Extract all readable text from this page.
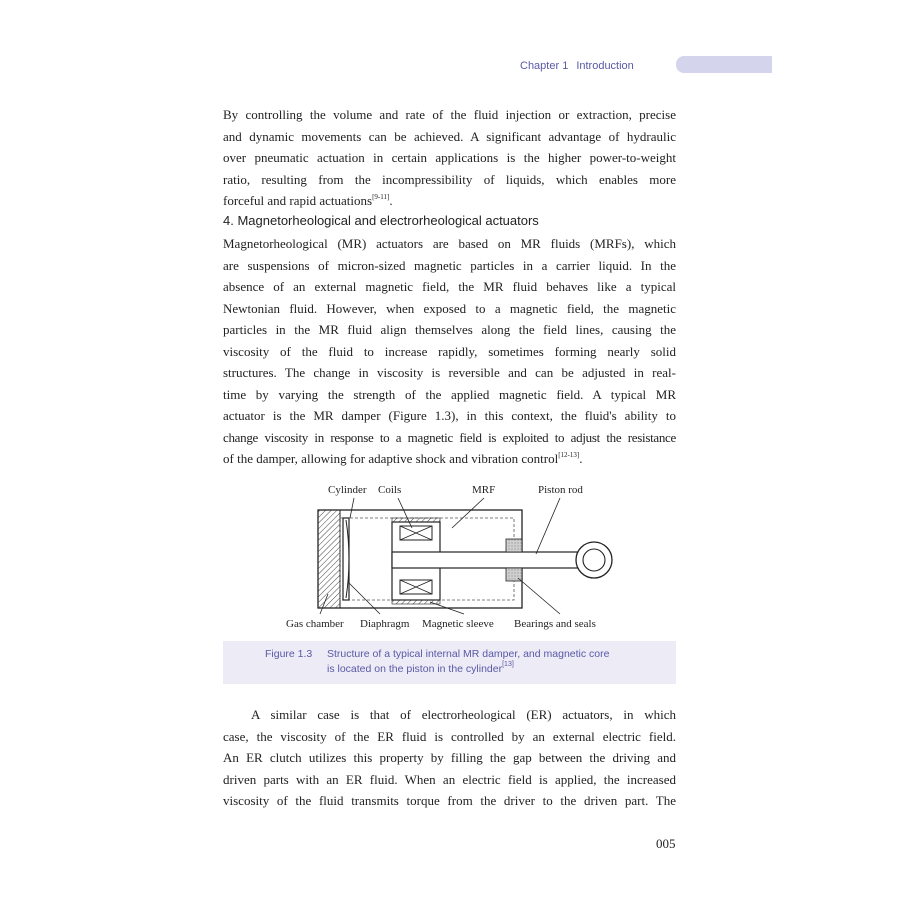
Chapter 1 Introduction
By controlling the volume and rate of the fluid injection or extraction, precise
and dynamic movements can be achieved. A significant advantage of hydraulic
over pneumatic actuation in certain applications is the higher power-to-weight
ratio, resulting from the incompressibility of liquids, which enables more
forceful and rapid actuations[9-11].
4. Magnetorheological and electrorheological actuators
Magnetorheological (MR) actuators are based on MR fluids (MRFs), which
are suspensions of micron-sized magnetic particles in a carrier liquid. In the
absence of an external magnetic field, the MR fluid behaves like a typical
Newtonian fluid. However, when exposed to a magnetic field, the magnetic
particles in the MR fluid align themselves along the field lines, causing the
viscosity of the fluid to increase rapidly, sometimes forming nearly solid
structures. The change in viscosity is reversible and can be adjusted in real-
time by varying the strength of the applied magnetic field. A typical MR
actuator is the MR damper (Figure 1.3), in this context, the fluid's ability to
change viscosity in response to a magnetic field is exploited to adjust the resistance
of the damper, allowing for adaptive shock and vibration control[12-13].
Cylinder Coils	MRF	Piston rod
Gas chamber Diaphragm Magnetic sleeve Bearings and seals
Figure 1.3 Structure of a typical internal MR damper, and magnetic core
is located on the piston in the cylinder[13]
A similar case is that of electrorheological (ER) actuators, in which
case, the viscosity of the ER fluid is controlled by an external electric field.
An ER clutch utilizes this property by filling the gap between the driving and
driven parts with an ER fluid. When an electric field is applied, the increased
viscosity of the fluid transmits torque from the driver to the driven part. The
005
